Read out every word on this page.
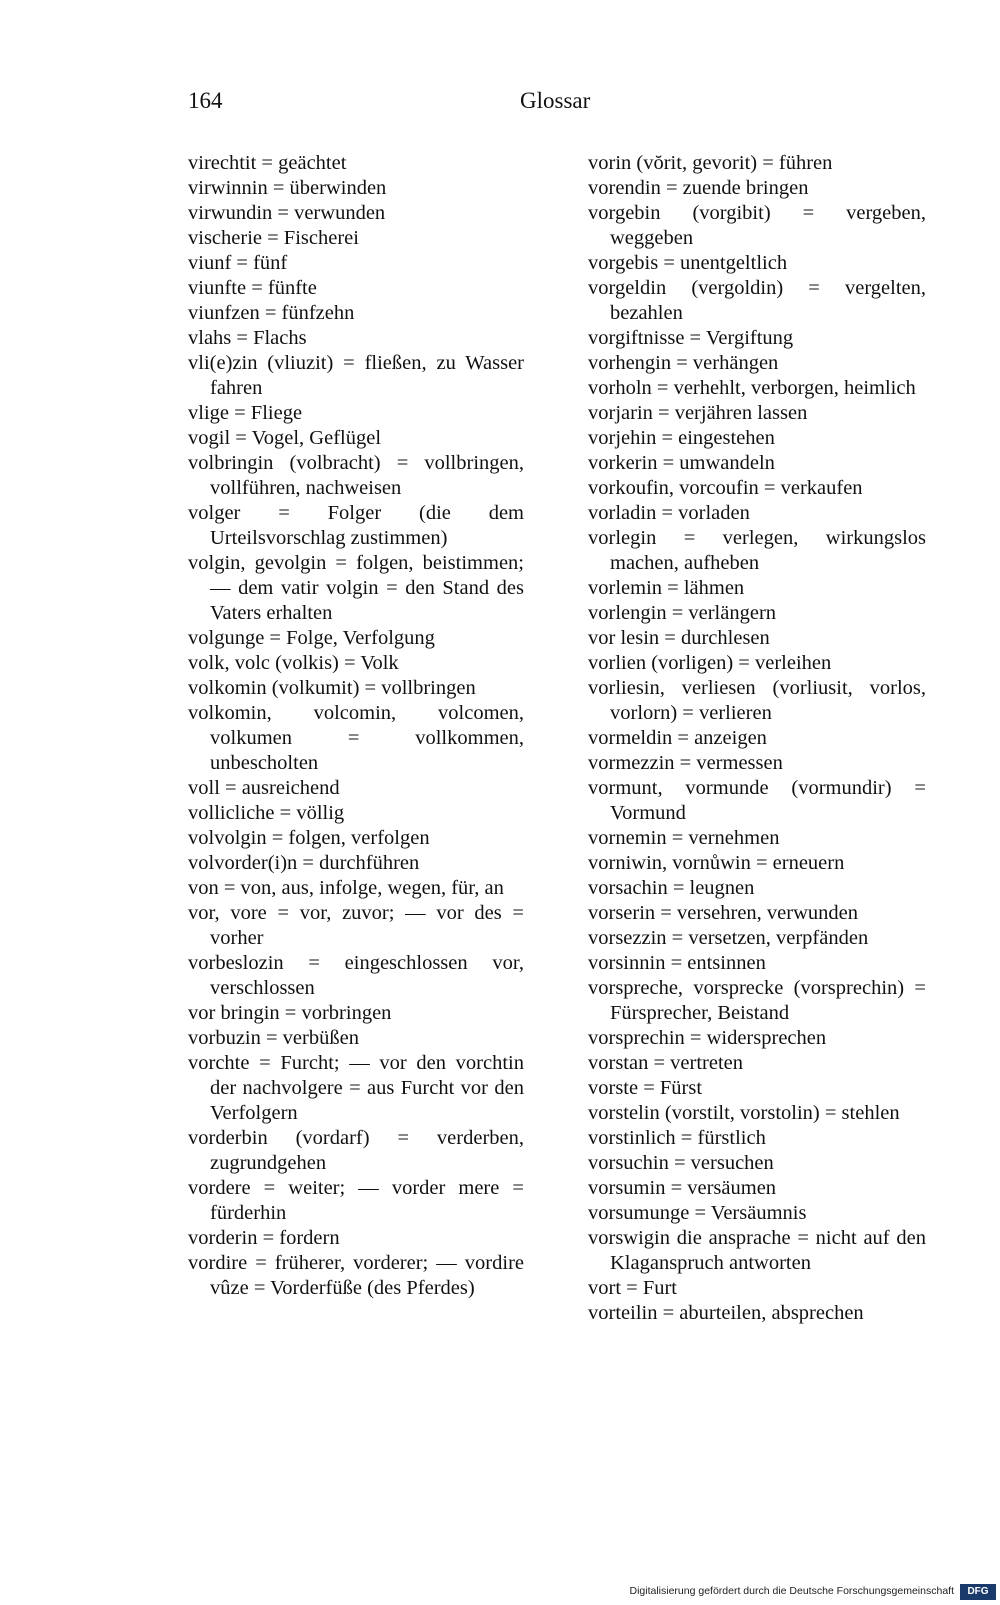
164	Glossar

virechtit = geächtet

virwinnin = überwinden

virwundin = verwunden

vischerie = Fischerei

viunf = fünf

viunfte = fünfte

viunfzen = fünfzehn

vlahs = Flachs

vli(e)zin (vliuzit) = fließen, zu Wasser fahren

vlige = Fliege

vogil = Vogel, Geflügel

volbringin (volbracht) = vollbringen, vollführen, nachweisen

volger = Folger (die dem Urteilsvorschlag zustimmen)

volgin, gevolgin = folgen, beistimmen; — dem vatir volgin = den Stand des Vaters erhalten

volgunge = Folge, Verfolgung

volk, volc (volkis) = Volk

volkomin (volkumit) = vollbringen

volkomin, volcomin, volcomen, volkumen = vollkommen, unbescholten

voll = ausreichend

vollicliche = völlig

volvolgin = folgen, verfolgen

volvorder(i)n = durchführen

von = von, aus, infolge, wegen, für, an

vor, vore = vor, zuvor; — vor des = vorher

vorbeslozin = eingeschlossen vor, verschlossen

vor bringin = vorbringen

vorbuzin = verbüßen

vorchte = Furcht; — vor den vorchtin der nachvolgere = aus Furcht vor den Verfolgern

vorderbin (vordarf) = verderben, zugrundgehen

vordere = weiter; — vorder mere = fürderhin

vorderin = fordern

vordire = früherer, vorderer; — vordire vûze = Vorderfüße (des Pferdes)

vorin (vŏrit, gevorit) = führen

vorendin = zuende bringen

vorgebin (vorgibit) = vergeben, weggeben

vorgebis = unentgeltlich

vorgeldin (vergoldin) = vergelten, bezahlen

vorgiftnisse = Vergiftung

vorhengin = verhängen

vorholn = verhehlt, verborgen, heimlich

vorjarin = verjähren lassen

vorjehin = eingestehen

vorkerin = umwandeln

vorkoufin, vorcoufin = verkaufen

vorladin = vorladen

vorlegin = verlegen, wirkungslos machen, aufheben

vorlemin = lähmen

vorlengin = verlängern

vor lesin = durchlesen

vorlien (vorligen) = verleihen

vorliesin, verliesen (vorliusit, vorlos, vorlorn) = verlieren

vormeldin = anzeigen

vormezzin = vermessen

vormunt, vormunde (vormundir) = Vormund

vornemin = vernehmen

vorniwin, vornůwin = erneuern

vorsachin = leugnen

vorserin = versehren, verwunden

vorsezzin = versetzen, verpfänden

vorsinnin = entsinnen

vorspreche, vorsprecke (vorsprechin) = Fürsprecher, Beistand

vorsprechin = widersprechen

vorstan = vertreten

vorste = Fürst

vorstelin (vorstilt, vorstolin) = stehlen

vorstinlich = fürstlich

vorsuchin = versuchen

vorsumin = versäumen

vorsumunge = Versäumnis

vorswigin die ansprache = nicht auf den Klaganspruch antworten

vort = Furt

vorteilin = aburteilen, absprechen

Digitalisierung gefördert durch die Deutsche Forschungsgemeinschaft	DFG
